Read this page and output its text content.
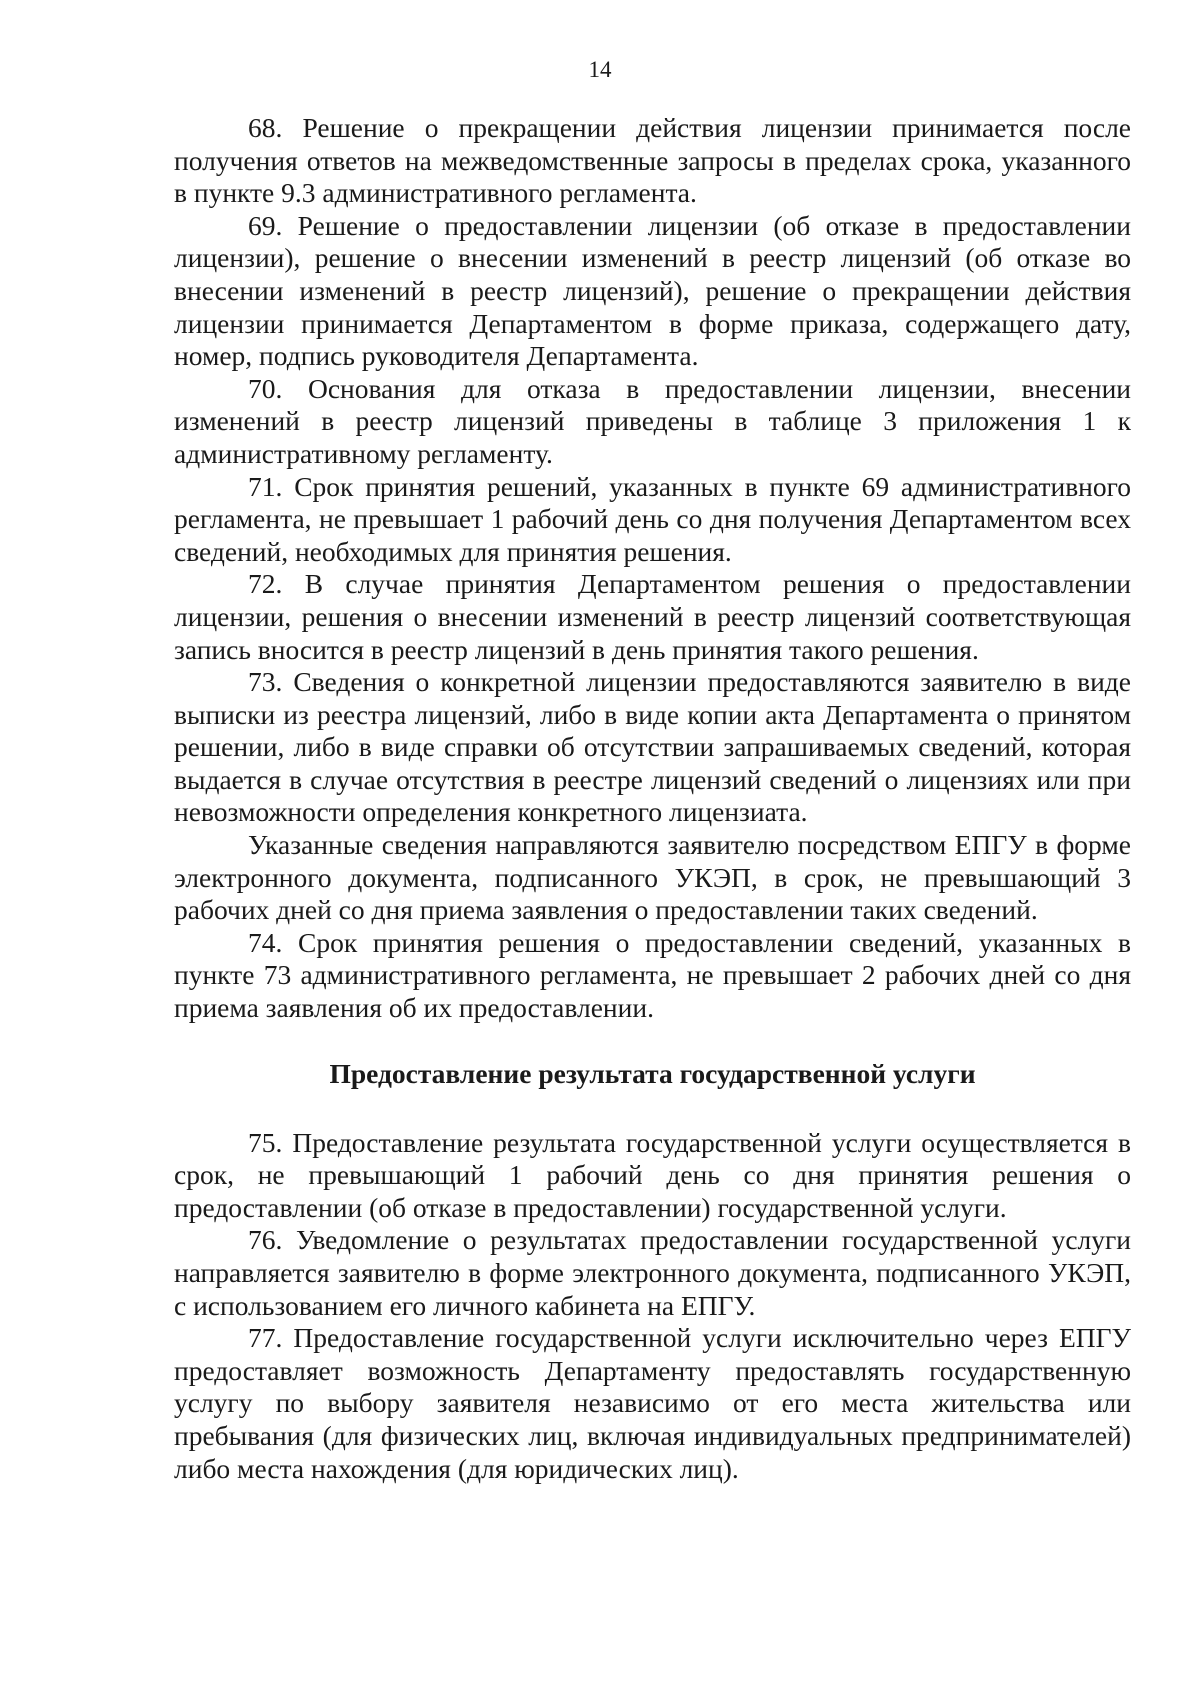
14

68. Решение о прекращении действия лицензии принимается после получения ответов на межведомственные запросы в пределах срока, указанного в пункте 9.3 административного регламента.

69. Решение о предоставлении лицензии (об отказе в предоставлении лицензии), решение о внесении изменений в реестр лицензий (об отказе во внесении изменений в реестр лицензий), решение о прекращении действия лицензии принимается Департаментом в форме приказа, содержащего дату, номер, подпись руководителя Департамента.

70. Основания для отказа в предоставлении лицензии, внесении изменений в реестр лицензий приведены в таблице 3 приложения 1 к административному регламенту.

71. Срок принятия решений, указанных в пункте 69 административного регламента, не превышает 1 рабочий день со дня получения Департаментом всех сведений, необходимых для принятия решения.

72. В случае принятия Департаментом решения о предоставлении лицензии, решения о внесении изменений в реестр лицензий соответствующая запись вносится в реестр лицензий в день принятия такого решения.

73. Сведения о конкретной лицензии предоставляются заявителю в виде выписки из реестра лицензий, либо в виде копии акта Департамента о принятом решении, либо в виде справки об отсутствии запрашиваемых сведений, которая выдается в случае отсутствия в реестре лицензий сведений о лицензиях или при невозможности определения конкретного лицензиата.

Указанные сведения направляются заявителю посредством ЕПГУ в форме электронного документа, подписанного УКЭП, в срок, не превышающий 3 рабочих дней со дня приема заявления о предоставлении таких сведений.

74. Срок принятия решения о предоставлении сведений, указанных в пункте 73 административного регламента, не превышает 2 рабочих дней со дня приема заявления об их предоставлении.

Предоставление результата государственной услуги

75. Предоставление результата государственной услуги осуществляется в срок, не превышающий 1 рабочий день со дня принятия решения о предоставлении (об отказе в предоставлении) государственной услуги.

76. Уведомление о результатах предоставлении государственной услуги направляется заявителю в форме электронного документа, подписанного УКЭП, с использованием его личного кабинета на ЕПГУ.

77. Предоставление государственной услуги исключительно через ЕПГУ предоставляет возможность Департаменту предоставлять государственную услугу по выбору заявителя независимо от его места жительства или пребывания (для физических лиц, включая индивидуальных предпринимателей) либо места нахождения (для юридических лиц).
